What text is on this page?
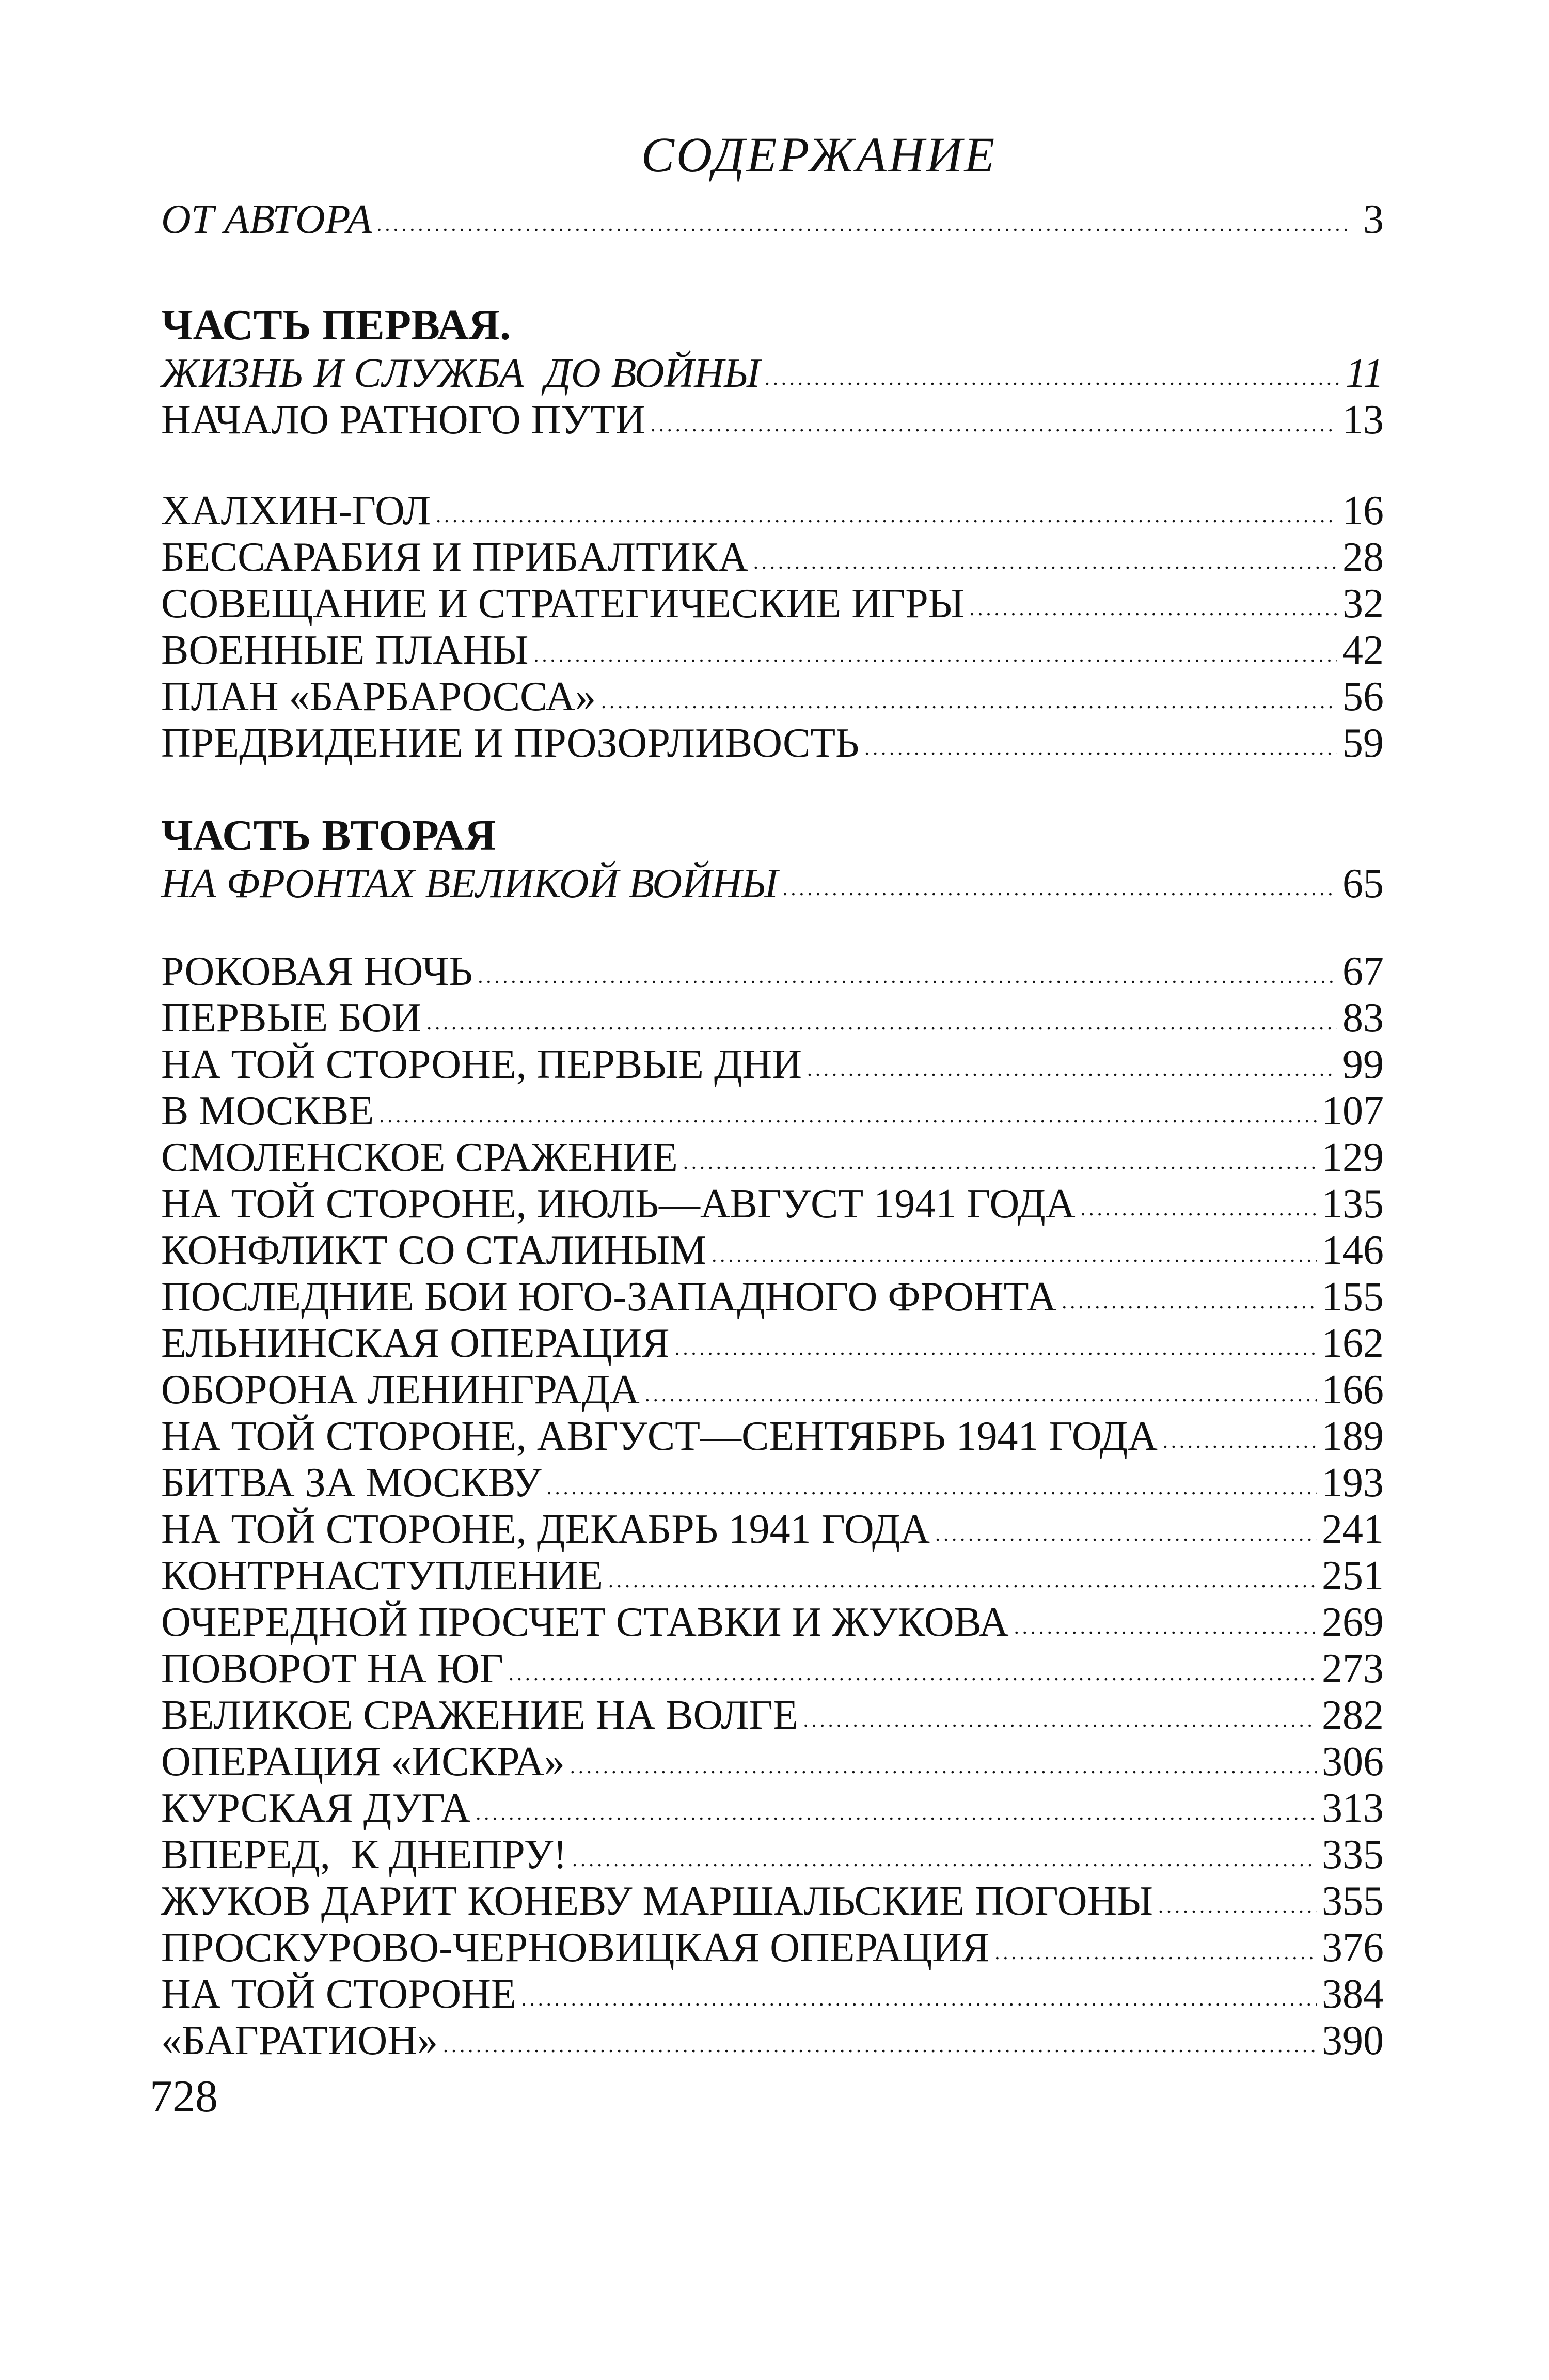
СОДЕРЖАНИЕ
ОТ АВТОРА .....	3
ЧАСТЬ ПЕРВАЯ.
ЖИЗНЬ И СЛУЖБА  ДО ВОЙНЫ .....	11
НАЧАЛО РАТНОГО ПУТИ .....	13
ХАЛХИН-ГОЛ .....	16
БЕССАРАБИЯ И ПРИБАЛТИКА .....	28
СОВЕЩАНИЕ И СТРАТЕГИЧЕСКИЕ ИГРЫ .....	32
ВОЕННЫЕ ПЛАНЫ .....	42
ПЛАН «БАРБАРОССА» .....	56
ПРЕДВИДЕНИЕ И ПРОЗОРЛИВОСТЬ .....	59
ЧАСТЬ ВТОРАЯ
НА ФРОНТАХ ВЕЛИКОЙ ВОЙНЫ .....	65
РОКОВАЯ НОЧЬ .....	67
ПЕРВЫЕ БОИ .....	83
НА ТОЙ СТОРОНЕ, ПЕРВЫЕ ДНИ .....	99
В МОСКВЕ .....	107
СМОЛЕНСКОЕ СРАЖЕНИЕ .....	129
НА ТОЙ СТОРОНЕ, ИЮЛЬ—АВГУСТ 1941 ГОДА .....	135
КОНФЛИКТ СО СТАЛИНЫМ .....	146
ПОСЛЕДНИЕ БОИ ЮГО-ЗАПАДНОГО ФРОНТА .....	155
ЕЛЬНИНСКАЯ ОПЕРАЦИЯ .....	162
ОБОРОНА ЛЕНИНГРАДА .....	166
НА ТОЙ СТОРОНЕ, АВГУСТ—СЕНТЯБРЬ 1941 ГОДА .....	189
БИТВА ЗА МОСКВУ .....	193
НА ТОЙ СТОРОНЕ, ДЕКАБРЬ 1941 ГОДА .....	241
КОНТРНАСТУПЛЕНИЕ .....	251
ОЧЕРЕДНОЙ ПРОСЧЕТ СТАВКИ И ЖУКОВА .....	269
ПОВОРОТ НА ЮГ .....	273
ВЕЛИКОЕ СРАЖЕНИЕ НА ВОЛГЕ .....	282
ОПЕРАЦИЯ «ИСКРА» .....	306
КУРСКАЯ ДУГА .....	313
ВПЕРЕД,  К ДНЕПРУ! .....	335
ЖУКОВ ДАРИТ КОНЕВУ МАРШАЛЬСКИЕ ПОГОНЫ .....	355
ПРОСКУРОВО-ЧЕРНОВИЦКАЯ ОПЕРАЦИЯ .....	376
НА ТОЙ СТОРОНЕ .....	384
«БАГРАТИОН» .....	390
728
